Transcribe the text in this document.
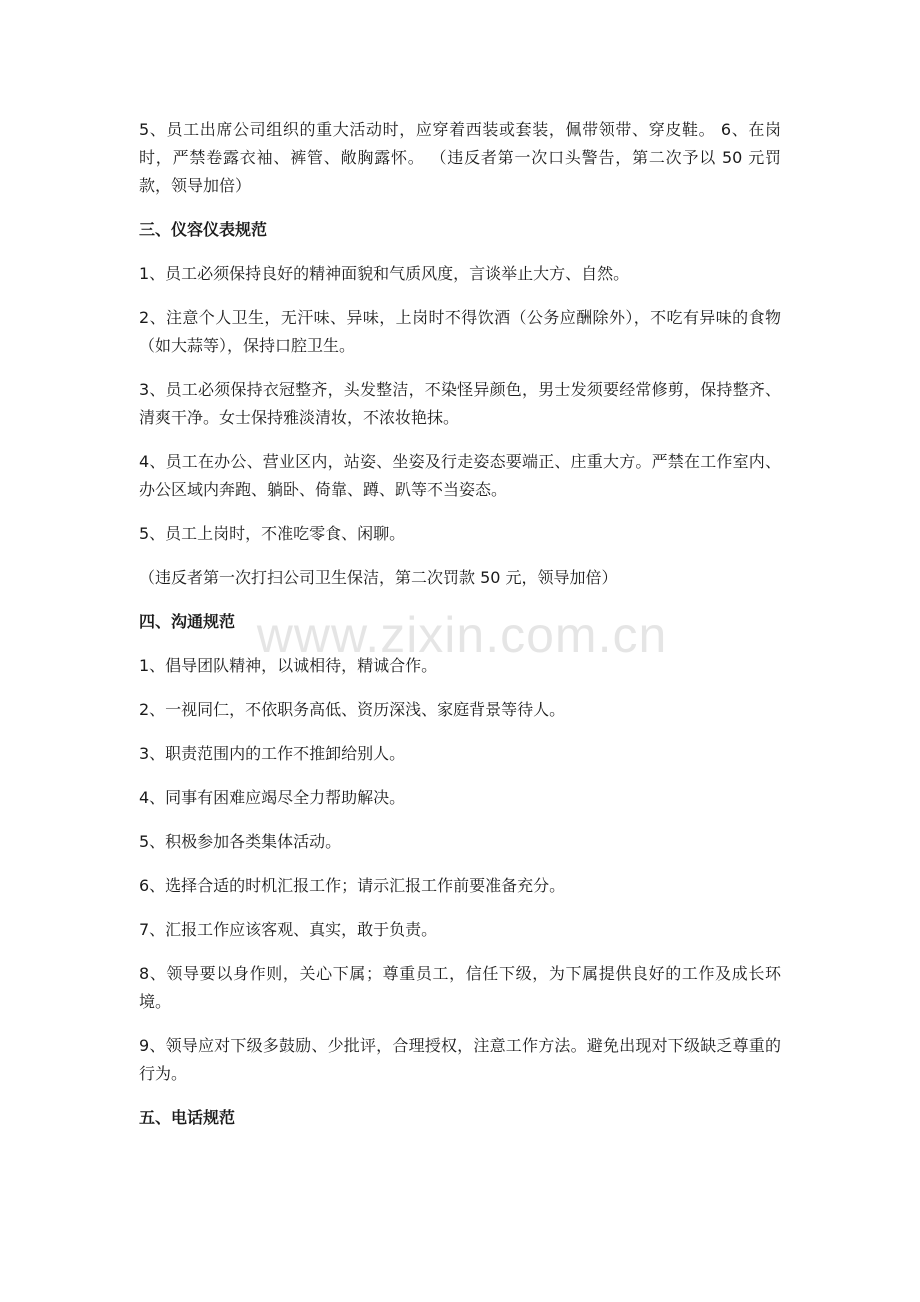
www.zixin.com.cn

5、员工出席公司组织的重大活动时，应穿着西装或套装，佩带领带、穿皮鞋。 6、在岗时，严禁卷露衣袖、裤管、敞胸露怀。 （违反者第一次口头警告，第二次予以 50 元罚款，领导加倍）

三、仪容仪表规范

1、员工必须保持良好的精神面貌和气质风度，言谈举止大方、自然。

2、注意个人卫生，无汗味、异味，上岗时不得饮酒（公务应酬除外），不吃有异味的食物（如大蒜等），保持口腔卫生。

3、员工必须保持衣冠整齐，头发整洁，不染怪异颜色，男士发须要经常修剪，保持整齐、清爽干净。女士保持雅淡清妆，不浓妆艳抹。

4、员工在办公、营业区内，站姿、坐姿及行走姿态要端正、庄重大方。严禁在工作室内、办公区域内奔跑、躺卧、倚靠、蹲、趴等不当姿态。

5、员工上岗时，不准吃零食、闲聊。

（违反者第一次打扫公司卫生保洁，第二次罚款 50 元，领导加倍）

四、沟通规范

1、倡导团队精神，以诚相待，精诚合作。

2、一视同仁，不依职务高低、资历深浅、家庭背景等待人。

3、职责范围内的工作不推卸给别人。

4、同事有困难应竭尽全力帮助解决。

5、积极参加各类集体活动。

6、选择合适的时机汇报工作；请示汇报工作前要准备充分。

7、汇报工作应该客观、真实，敢于负责。

8、领导要以身作则，关心下属；尊重员工，信任下级，为下属提供良好的工作及成长环境。

9、领导应对下级多鼓励、少批评，合理授权，注意工作方法。避免出现对下级缺乏尊重的行为。

五、电话规范
